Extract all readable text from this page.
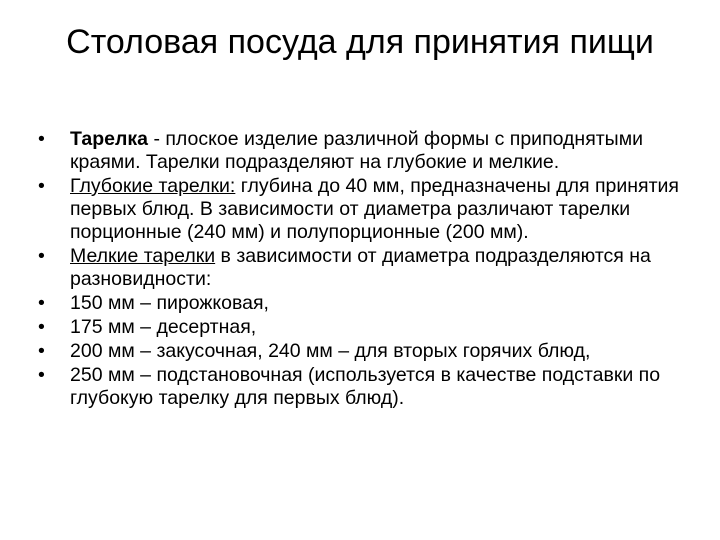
Столовая посуда для принятия пищи
•	Тарелка - плоское изделие различной формы с приподнятыми краями. Тарелки подразделяют на глубокие и мелкие.
•	Глубокие тарелки: глубина до 40 мм, предназначены для принятия первых блюд. В зависимости от диаметра различают тарелки порционные (240 мм) и полупорционные (200 мм).
•	Мелкие тарелки в зависимости от диаметра подразделяются на разновидности:
•	150 мм – пирожковая,
•	175 мм – десертная,
•	200 мм – закусочная, 240 мм – для вторых горячих блюд,
•	250 мм – подстановочная (используется в качестве подставки по глубокую тарелку для первых блюд).
